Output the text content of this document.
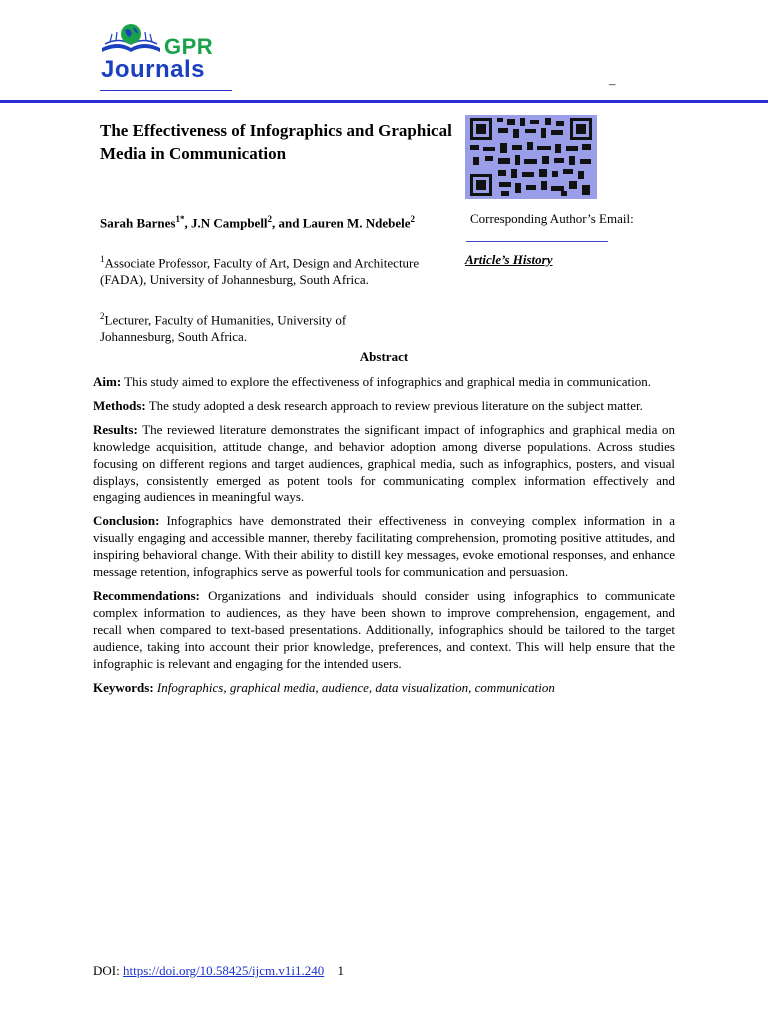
GPR
Journals
–
The Effectiveness of Infographics and Graphical Media in Communication
Sarah Barnes$^{1*}$, J.N Campbell$^2$, and Lauren M. Ndebele$^2$
$^1$Associate Professor, Faculty of Art, Design and Architecture (FADA), University of Johannesburg, South Africa.
$^2$Lecturer, Faculty of Humanities, University of Johannesburg, South Africa.
Corresponding Author’s Email:
Article’s History
Abstract

Aim: This study aimed to explore the effectiveness of infographics and graphical media in communication.

Methods: The study adopted a desk research approach to review previous literature on the subject matter.

Results: The reviewed literature demonstrates the significant impact of infographics and graphical media on knowledge acquisition, attitude change, and behavior adoption among diverse populations. Across studies focusing on different regions and target audiences, graphical media, such as infographics, posters, and visual displays, consistently emerged as potent tools for communicating complex information effectively and engaging audiences in meaningful ways.

Conclusion: Infographics have demonstrated their effectiveness in conveying complex information in a visually engaging and accessible manner, thereby facilitating comprehension, promoting positive attitudes, and inspiring behavioral change. With their ability to distill key messages, evoke emotional responses, and enhance message retention, infographics serve as powerful tools for communication and persuasion.

Recommendations: Organizations and individuals should consider using infographics to communicate complex information to audiences, as they have been shown to improve comprehension, engagement, and recall when compared to text-based presentations. Additionally, infographics should be tailored to the target audience, taking into account their prior knowledge, preferences, and context. This will help ensure that the infographic is relevant and engaging for the intended users.

Keywords: Infographics, graphical media, audience, data visualization, communication

DOI: https://doi.org/10.58425/ijcm.v1i1.240 1
